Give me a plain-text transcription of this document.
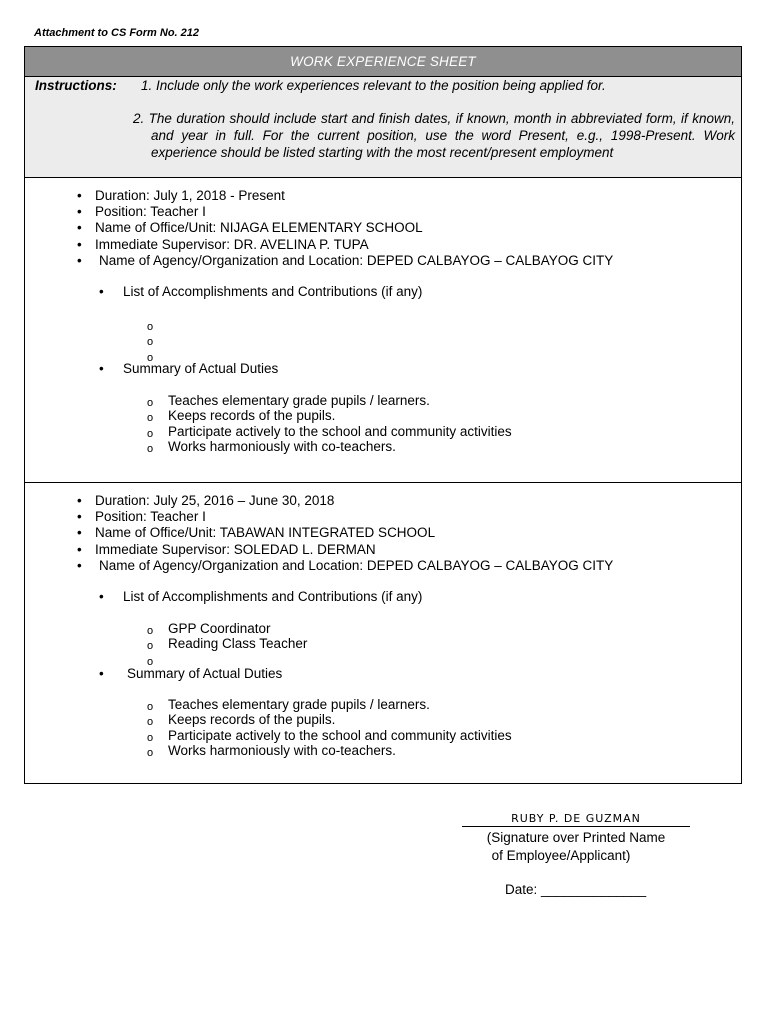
Attachment to CS Form No. 212
WORK EXPERIENCE SHEET
Instructions: 1. Include only the work experiences relevant to the position being applied for.
2. The duration should include start and finish dates, if known, month in abbreviated form, if known, and year in full. For the current position, use the word Present, e.g., 1998-Present. Work experience should be listed starting with the most recent/present employment
• Duration: July 1, 2018 - Present
• Position: Teacher I
• Name of Office/Unit: NIJAGA ELEMENTARY SCHOOL
• Immediate Supervisor: DR. AVELINA P. TUPA
• Name of Agency/Organization and Location: DEPED CALBAYOG – CALBAYOG CITY
• List of Accomplishments and Contributions (if any)
o
o
o
• Summary of Actual Duties
o Teaches elementary grade pupils / learners.
o Keeps records of the pupils.
o Participate actively to the school and community activities
o Works harmoniously with co-teachers.
• Duration: July 25, 2016 – June 30, 2018
• Position: Teacher I
• Name of Office/Unit: TABAWAN INTEGRATED SCHOOL
• Immediate Supervisor: SOLEDAD L. DERMAN
• Name of Agency/Organization and Location: DEPED CALBAYOG – CALBAYOG CITY
• List of Accomplishments and Contributions (if any)
o GPP Coordinator
o Reading Class Teacher
o
• Summary of Actual Duties
o Teaches elementary grade pupils / learners.
o Keeps records of the pupils.
o Participate actively to the school and community activities
o Works harmoniously with co-teachers.
RUBY P. DE GUZMAN
(Signature over Printed Name
of Employee/Applicant)
Date: ______________
